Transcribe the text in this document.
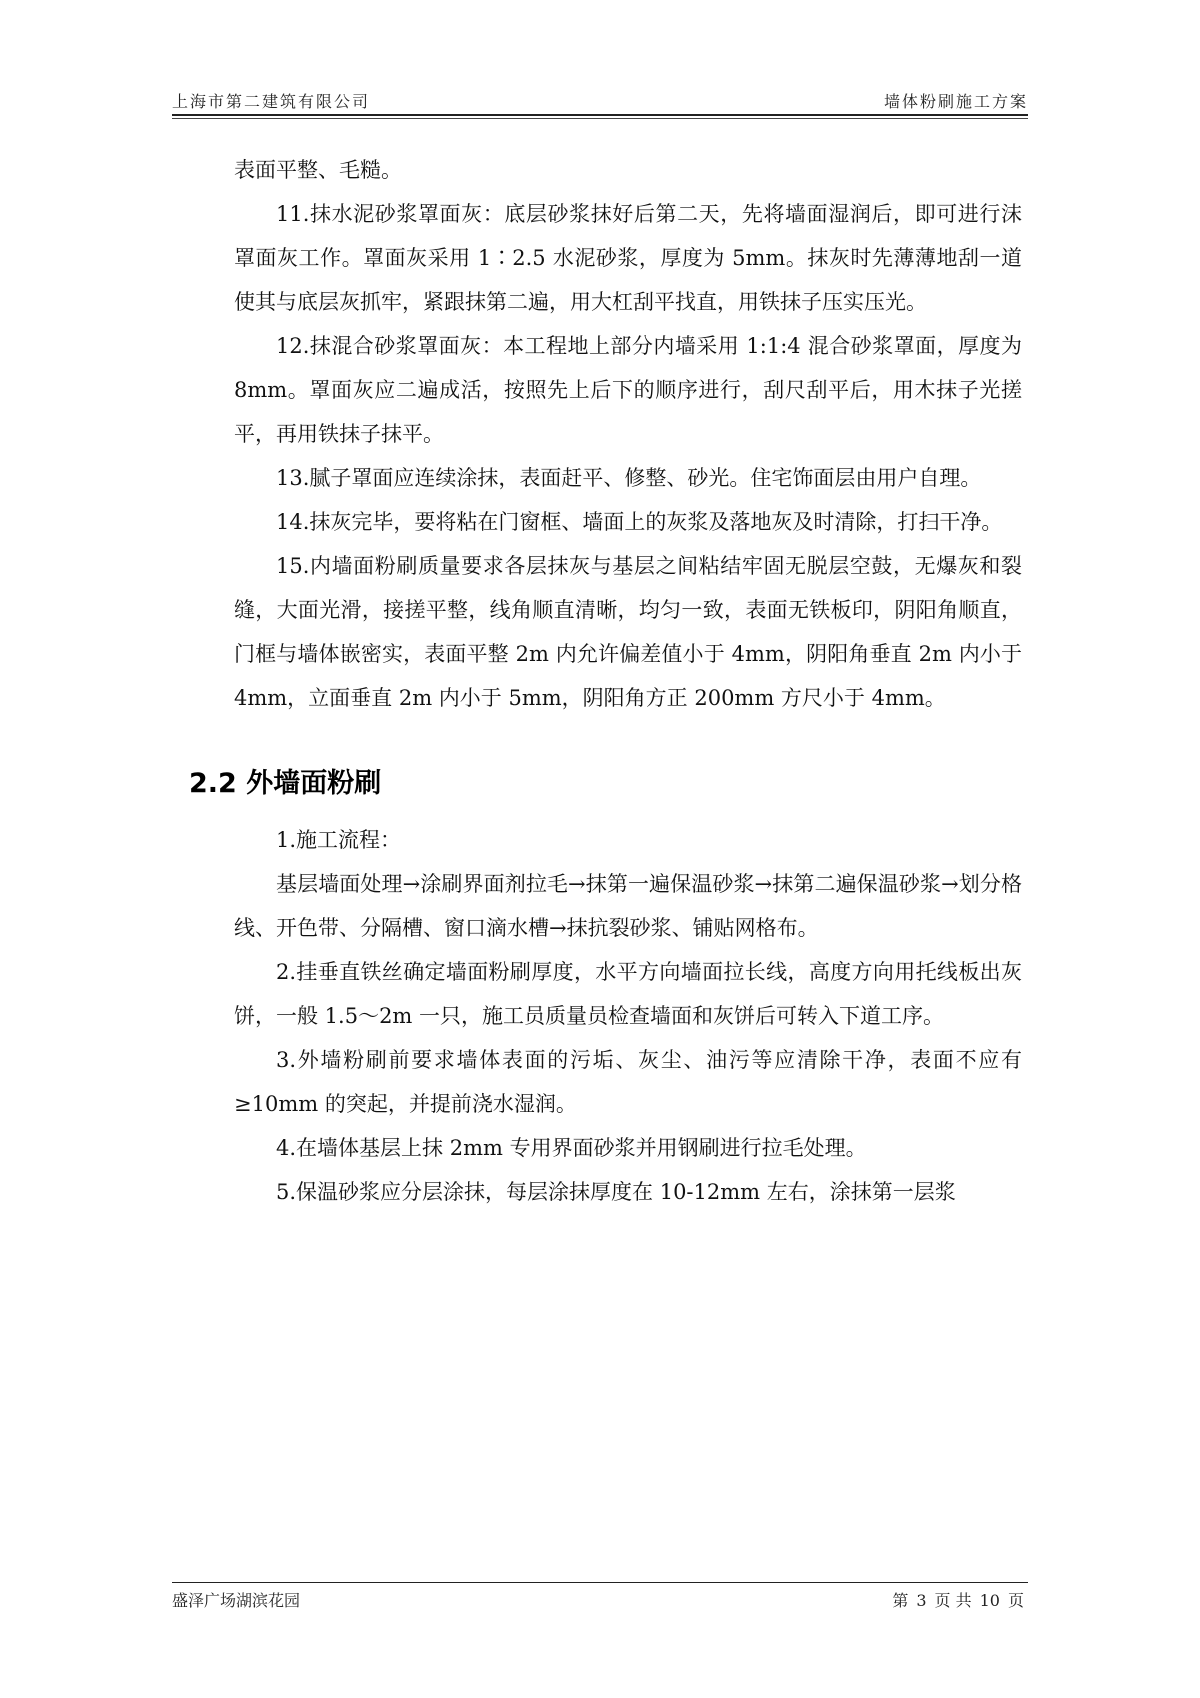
上海市第二建筑有限公司	墙体粉刷施工方案

表面平整、毛糙。

11.抹水泥砂浆罩面灰：底层砂浆抹好后第二天，先将墙面湿润后，即可进行沫罩面灰工作。罩面灰采用 1∶2.5 水泥砂浆，厚度为 5mm。抹灰时先薄薄地刮一道使其与底层灰抓牢，紧跟抹第二遍，用大杠刮平找直，用铁抹子压实压光。

12.抹混合砂浆罩面灰：本工程地上部分内墙采用 1:1:4 混合砂浆罩面，厚度为 8mm。罩面灰应二遍成活，按照先上后下的顺序进行，刮尺刮平后，用木抹子光搓平，再用铁抹子抹平。

13.腻子罩面应连续涂抹，表面赶平、修整、砂光。住宅饰面层由用户自理。

14.抹灰完毕，要将粘在门窗框、墙面上的灰浆及落地灰及时清除，打扫干净。

15.内墙面粉刷质量要求各层抹灰与基层之间粘结牢固无脱层空鼓，无爆灰和裂缝，大面光滑，接搓平整，线角顺直清晰，均匀一致，表面无铁板印，阴阳角顺直，门框与墙体嵌密实，表面平整 2m 内允许偏差值小于 4mm，阴阳角垂直 2m 内小于 4mm，立面垂直 2m 内小于 5mm，阴阳角方正 200mm 方尺小于 4mm。

2.2 外墙面粉刷

1.施工流程：

基层墙面处理→涂刷界面剂拉毛→抹第一遍保温砂浆→抹第二遍保温砂浆→划分格线、开色带、分隔槽、窗口滴水槽→抹抗裂砂浆、铺贴网格布。

2.挂垂直铁丝确定墙面粉刷厚度，水平方向墙面拉长线，高度方向用托线板出灰饼，一般 1.5～2m 一只，施工员质量员检查墙面和灰饼后可转入下道工序。

3.外墙粉刷前要求墙体表面的污垢、灰尘、油污等应清除干净，表面不应有≥10mm 的突起，并提前浇水湿润。

4.在墙体基层上抹 2mm 专用界面砂浆并用钢刷进行拉毛处理。

5.保温砂浆应分层涂抹，每层涂抹厚度在 10-12mm 左右，涂抹第一层浆

盛泽广场湖滨花园	第 3 页 共 10 页
